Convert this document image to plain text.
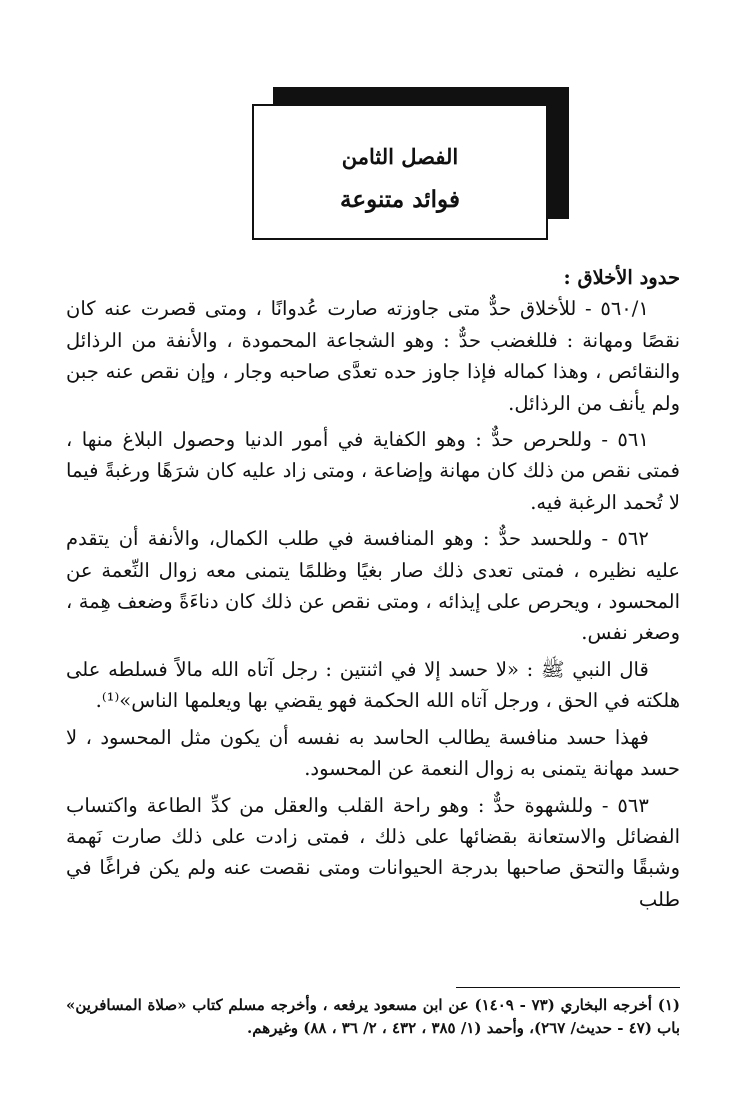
الفصل الثامن
فوائد متنوعة

حدود الأخلاق :

٥٦٠/١ - للأخلاق حدٌّ متى جاوزته صارت عُدوانًا ، ومتى قصرت عنه كان نقصًا ومهانة : فللغضب حدٌّ : وهو الشجاعة المحمودة ، والأنفة من الرذائل والنقائص ، وهذا كماله فإذا جاوز حده تعدَّى صاحبه وجار ، وإن نقص عنه جبن ولم يأنف من الرذائل.

٥٦١ - وللحرص حدٌّ : وهو الكفاية في أمور الدنيا وحصول البلاغ منها ، فمتى نقص من ذلك كان مهانة وإضاعة ، ومتى زاد عليه كان شرَهًا ورغبةً فيما لا تُحمد الرغبة فيه.

٥٦٢ - وللحسد حدٌّ : وهو المنافسة في طلب الكمال، والأنفة أن يتقدم عليه نظيره ، فمتى تعدى ذلك صار بغيًا وظلمًا يتمنى معه زوال النِّعمة عن المحسود ، ويحرص على إيذائه ، ومتى نقص عن ذلك كان دناءَةً وضعف هِمة ، وصغر نفس.

قال النبي ﷺ : «لا حسد إلا في اثنتين : رجل آتاه الله مالاً فسلطه على هلكته في الحق ، ورجل آتاه الله الحكمة فهو يقضي بها ويعلمها الناس»⁽¹⁾.

فهذا حسد منافسة يطالب الحاسد به نفسه أن يكون مثل المحسود ، لا حسد مهانة يتمنى به زوال النعمة عن المحسود.

٥٦٣ - وللشهوة حدٌّ : وهو راحة القلب والعقل من كدِّ الطاعة واكتساب الفضائل والاستعانة بقضائها على ذلك ، فمتى زادت على ذلك صارت نَهمة وشبقًا والتحق صاحبها بدرجة الحيوانات ومتى نقصت عنه ولم يكن فراغًا في طلب

(١) أخرجه البخاري (٧٣ - ١٤٠٩) عن ابن مسعود يرفعه ، وأخرجه مسلم كتاب «صلاة المسافرين» باب (٤٧ - حديث/ ٢٦٧)، وأحمد (١/ ٣٨٥ ، ٤٣٢ ، ٢/ ٣٦ ، ٨٨) وغيرهم.
